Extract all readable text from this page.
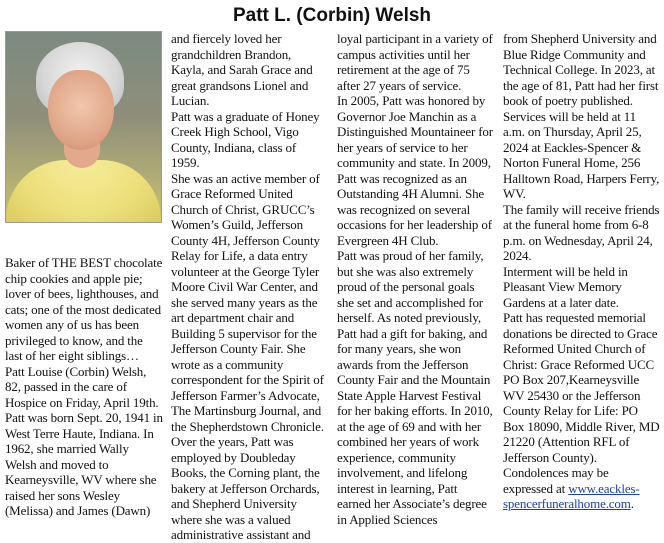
Patt L. (Corbin) Welsh

Baker of THE BEST chocolate chip cookies and apple pie; lover of bees, lighthouses, and cats; one of the most dedicated women any of us has been privileged to know, and the last of her eight siblings…

Patt Louise (Corbin) Welsh, 82, passed in the care of Hospice on Friday, April 19th.

Patt was born Sept. 20, 1941 in West Terre Haute, Indiana. In 1962, she married Wally Welsh and moved to Kearneysville, WV where she raised her sons Wesley (Melissa) and James (Dawn)

and fiercely loved her grandchildren Brandon, Kayla, and Sarah Grace and great grandsons Lionel and Lucian.

Patt was a graduate of Honey Creek High School, Vigo County, Indiana, class of 1959.

She was an active member of Grace Reformed United Church of Christ, GRUCC’s Women’s Guild, Jefferson County 4H, Jefferson County Relay for Life, a data entry volunteer at the George Tyler Moore Civil War Center, and she served many years as the art department chair and Building 5 supervisor for the Jefferson County Fair. She wrote as a community correspondent for the Spirit of Jefferson Farmer’s Advocate, The Martinsburg Journal, and the Shepherdstown Chronicle.

Over the years, Patt was employed by Doubleday Books, the Corning plant, the bakery at Jefferson Orchards, and Shepherd University where she was a valued administrative assistant and

loyal participant in a variety of campus activities until her retirement at the age of 75 after 27 years of service.

In 2005, Patt was honored by Governor Joe Manchin as a Distinguished Mountaineer for her years of service to her community and state. In 2009, Patt was recognized as an Outstanding 4H Alumni. She was recognized on several occasions for her leadership of Evergreen 4H Club.

Patt was proud of her family, but she was also extremely proud of the personal goals she set and accomplished for herself. As noted previously, Patt had a gift for baking, and for many years, she won awards from the Jefferson County Fair and the Mountain State Apple Harvest Festival for her baking efforts. In 2010, at the age of 69 and with her combined her years of work experience, community involvement, and lifelong interest in learning, Patt earned her Associate’s degree in Applied Sciences

from Shepherd University and Blue Ridge Community and Technical College. In 2023, at the age of 81, Patt had her first book of poetry published.

Services will be held at 11 a.m. on Thursday, April 25, 2024 at Eackles-Spencer & Norton Funeral Home, 256 Halltown Road, Harpers Ferry, WV.

The family will receive friends at the funeral home from 6-8 p.m. on Wednesday, April 24, 2024.

Interment will be held in Pleasant View Memory Gardens at a later date.

Patt has requested memorial donations be directed to Grace Reformed United Church of Christ: Grace Reformed UCC PO Box 207,Kearneysville WV 25430 or the Jefferson County Relay for Life: PO Box 18090, Middle River, MD 21220 (Attention RFL of Jefferson County).

Condolences may be expressed at www.eackles-spencerfuneralhome.com.
